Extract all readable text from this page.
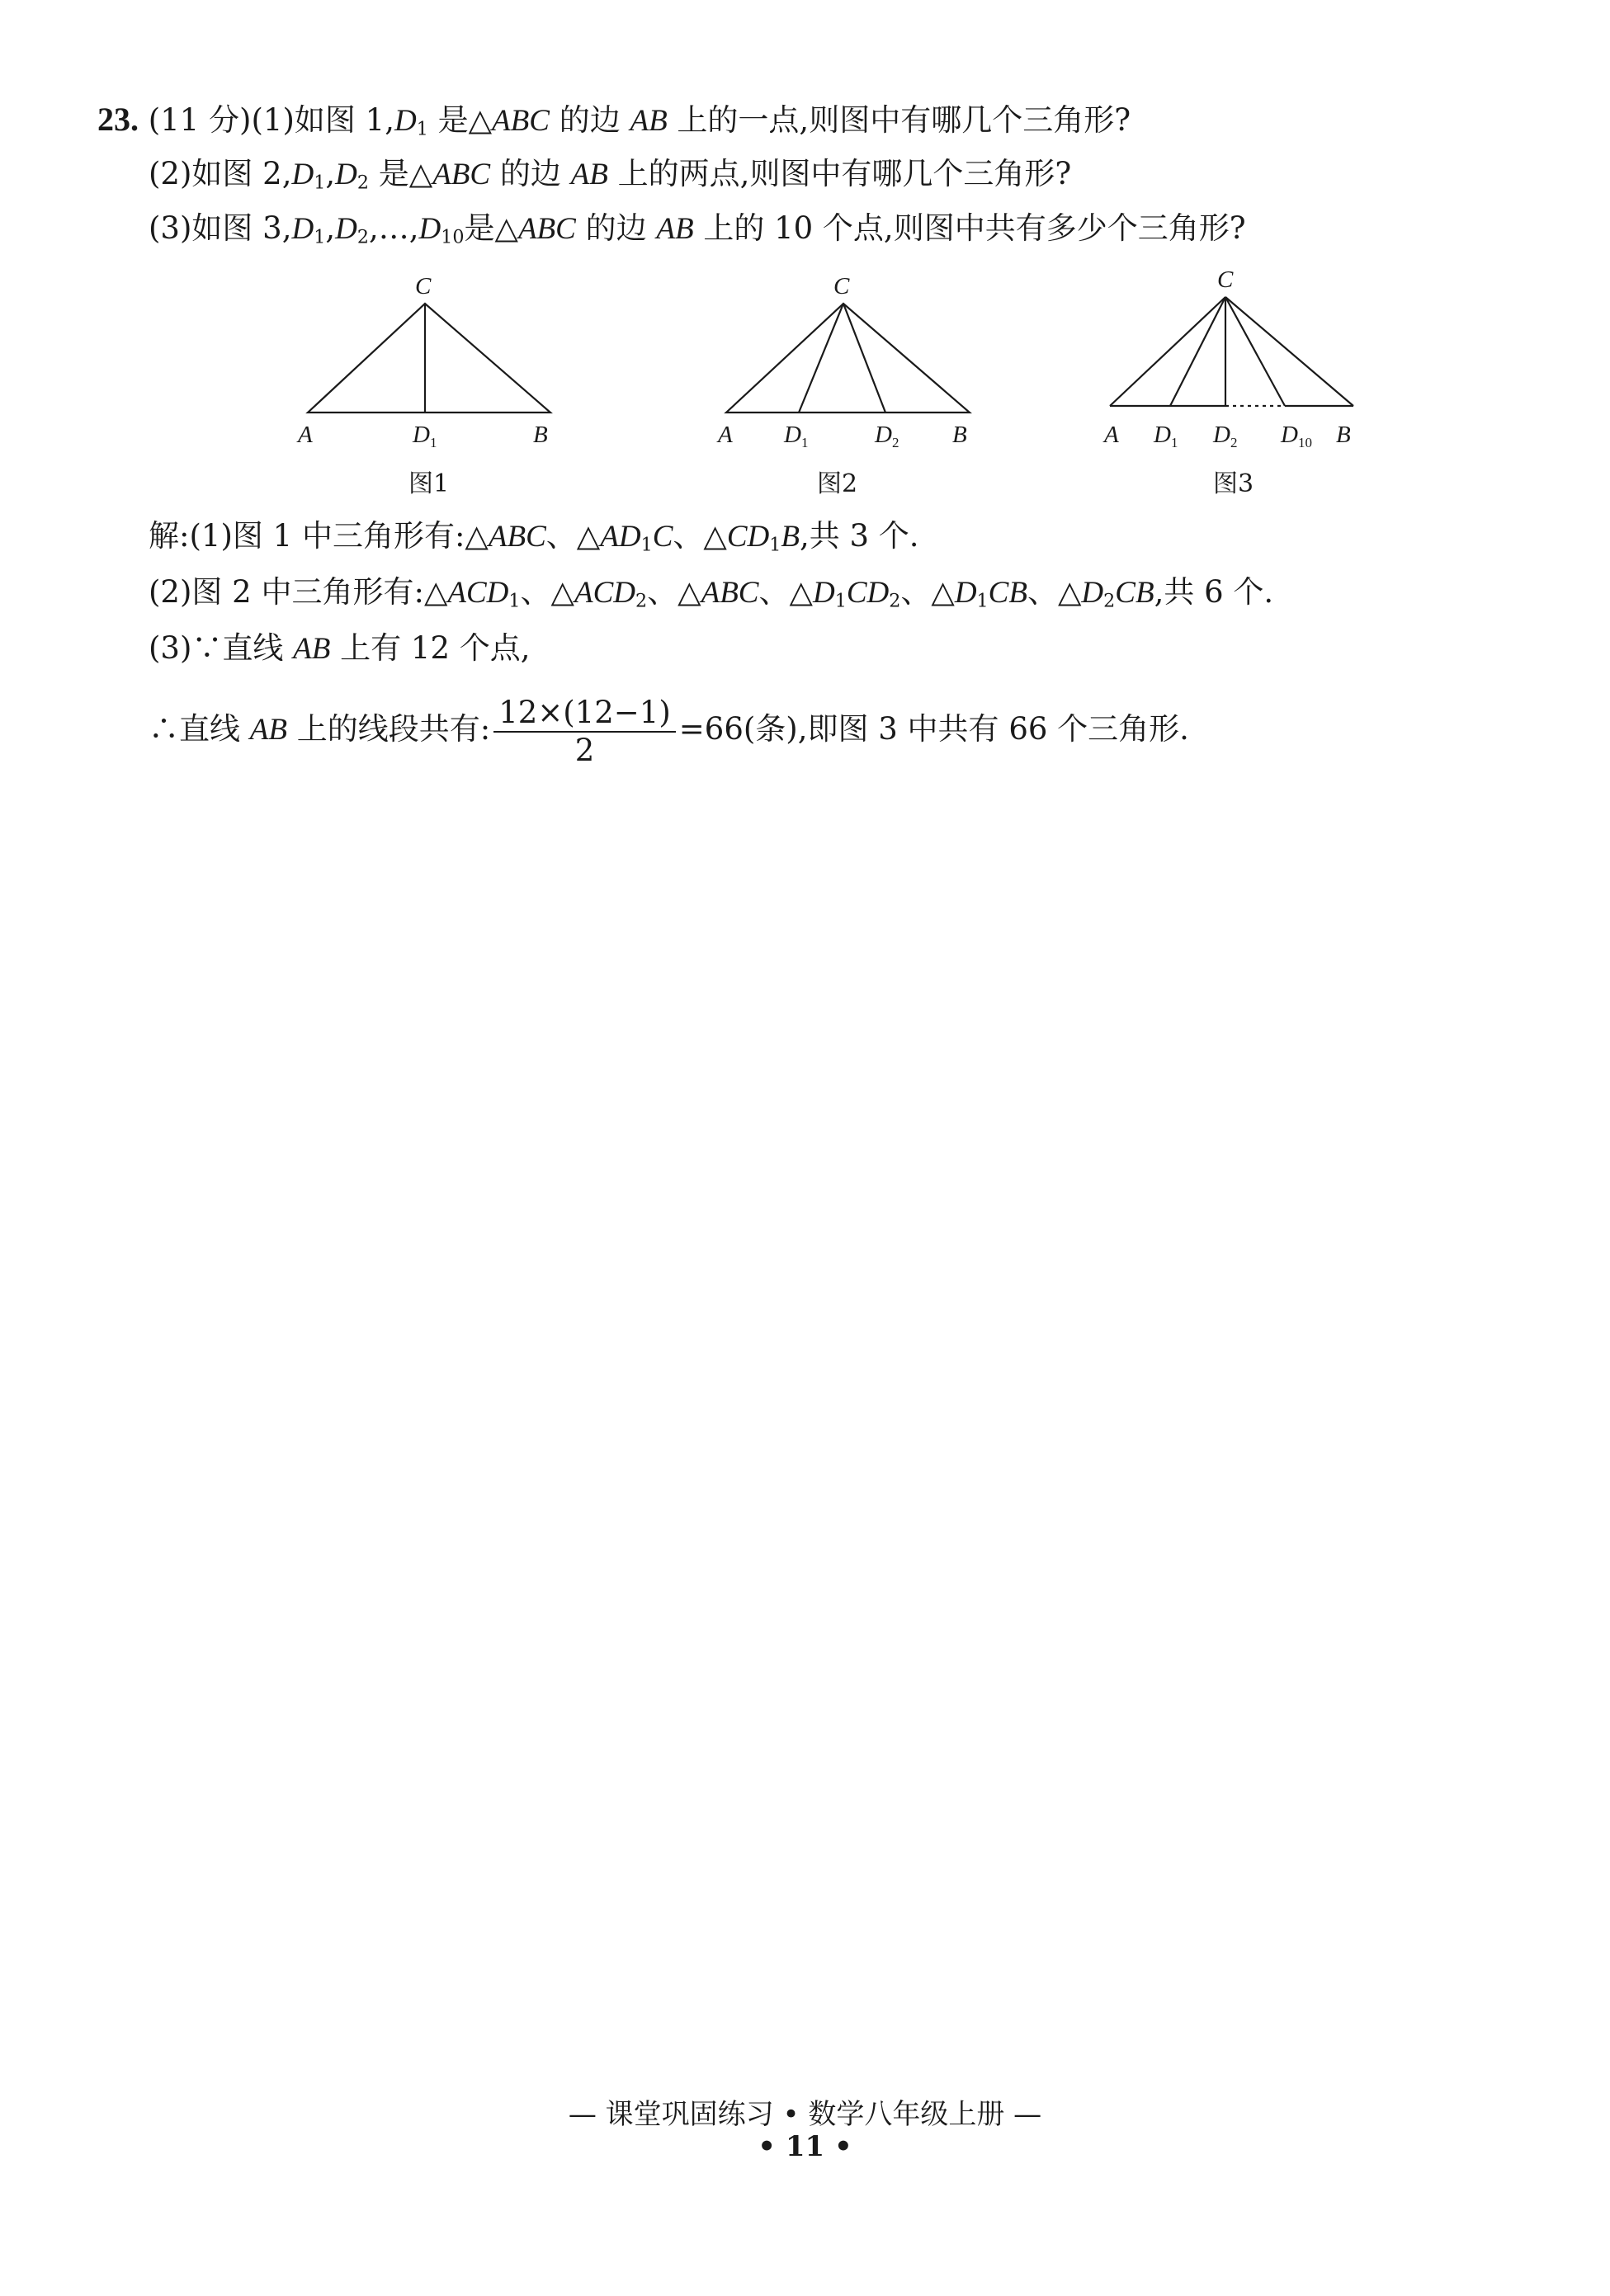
23. (11 分)(1)如图 $1,D_1$ 是△ABC 的边 AB 上的一点,则图中有哪几个三角形?
(2)如图 $2,D_1,D_2$ 是△ABC 的边 AB 上的两点,则图中有哪几个三角形?
(3)如图 $3,D_1,D_2,\dots,D_{10}$是△ABC 的边 AB 上的 10 个点,则图中共有多少个三角形?
C
A	B
$D_1$
C
A	B
$D_1$	$D_2$
C
A	B
$D_1$ $D_2$ $D_{10}$
图1	图2	图3
解:(1)图 1 中三角形有:△ABC、$\triangle AD_1C$、$\triangle CD_1B$,共 3 个.
(2)图 2 中三角形有$:\triangle ACD_1$、$\triangle ACD_2$、△ABC、$\triangle D_1CD_2$、$\triangle D_1CB$、$\triangle D_2CB$,共 6 个.
(3)∵直线 AB 上有 12 个点,
∴直线 AB 上的线段共有: $\frac{12\times(12-1)}{2} =66$(条),即图 3 中共有 66 个三角形.
— 课堂巩固练习 • 数学八年级上册 —
• 11 •
